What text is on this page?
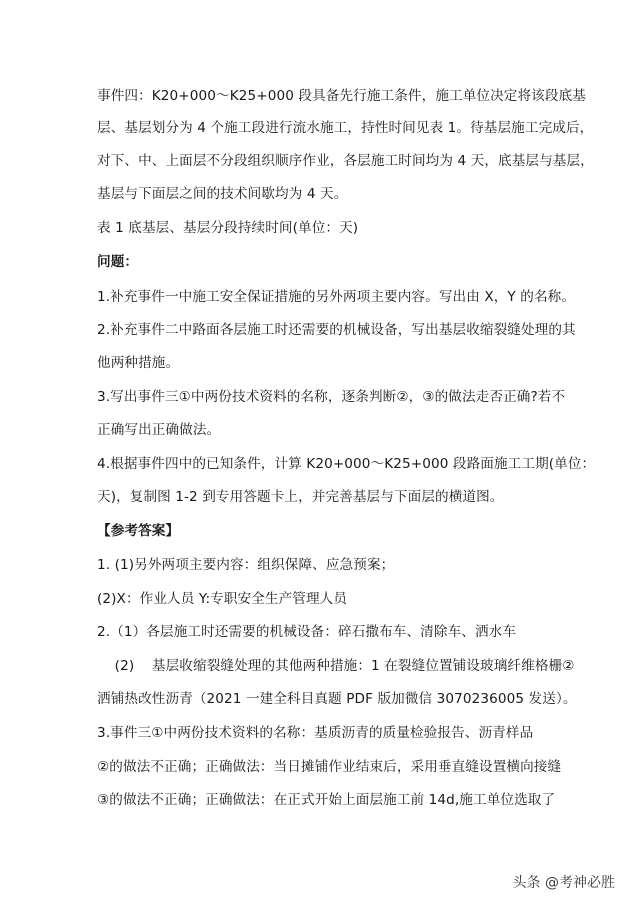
事件四：K20+000～K25+000 段具备先行施工条件，施工单位决定将该段底基
层、基层划分为 4 个施工段进行流水施工，持性时间见表 1。待基层施工完成后，
对下、中、上面层不分段组织顺序作业，各层施工时间均为 4 天，底基层与基层，
基层与下面层之间的技术间歇均为 4 天。
表 1 底基层、基层分段持续时间(单位：天)
问题：
1.补充事件一中施工安全保证措施的另外两项主要内容。写出由 X，Y 的名称。
2.补充事件二中路面各层施工时还需要的机械设备，写出基层收缩裂缝处理的其
他两种措施。
3.写出事件三①中两份技术资料的名称，逐条判断②，③的做法走否正确?若不
正确写出正确做法。
4.根据事件四中的已知条件，计算 K20+000～K25+000 段路面施工工期(单位：
天)，复制图 1-2 到专用答题卡上，并完善基层与下面层的横道图。
【参考答案】
1. (1)另外两项主要内容：组织保障、应急预案；
(2)X：作业人员 Y:专职安全生产管理人员
2.（1）各层施工时还需要的机械设备：碎石撒布车、清除车、洒水车
(2)    基层收缩裂缝处理的其他两种措施：1 在裂缝位置铺设玻璃纤维格栅②
洒铺热改性沥青（2021 一建全科目真题 PDF 版加微信 3070236005 发送）。
3.事件三①中两份技术资料的名称：基质沥青的质量检验报告、沥青样品
②的做法不正确；正确做法：当日摊铺作业结束后，采用垂直缝设置横向接缝
③的做法不正确；正确做法：在正式开始上面层施工前 14d,施工单位选取了
头条 @考神必胜
